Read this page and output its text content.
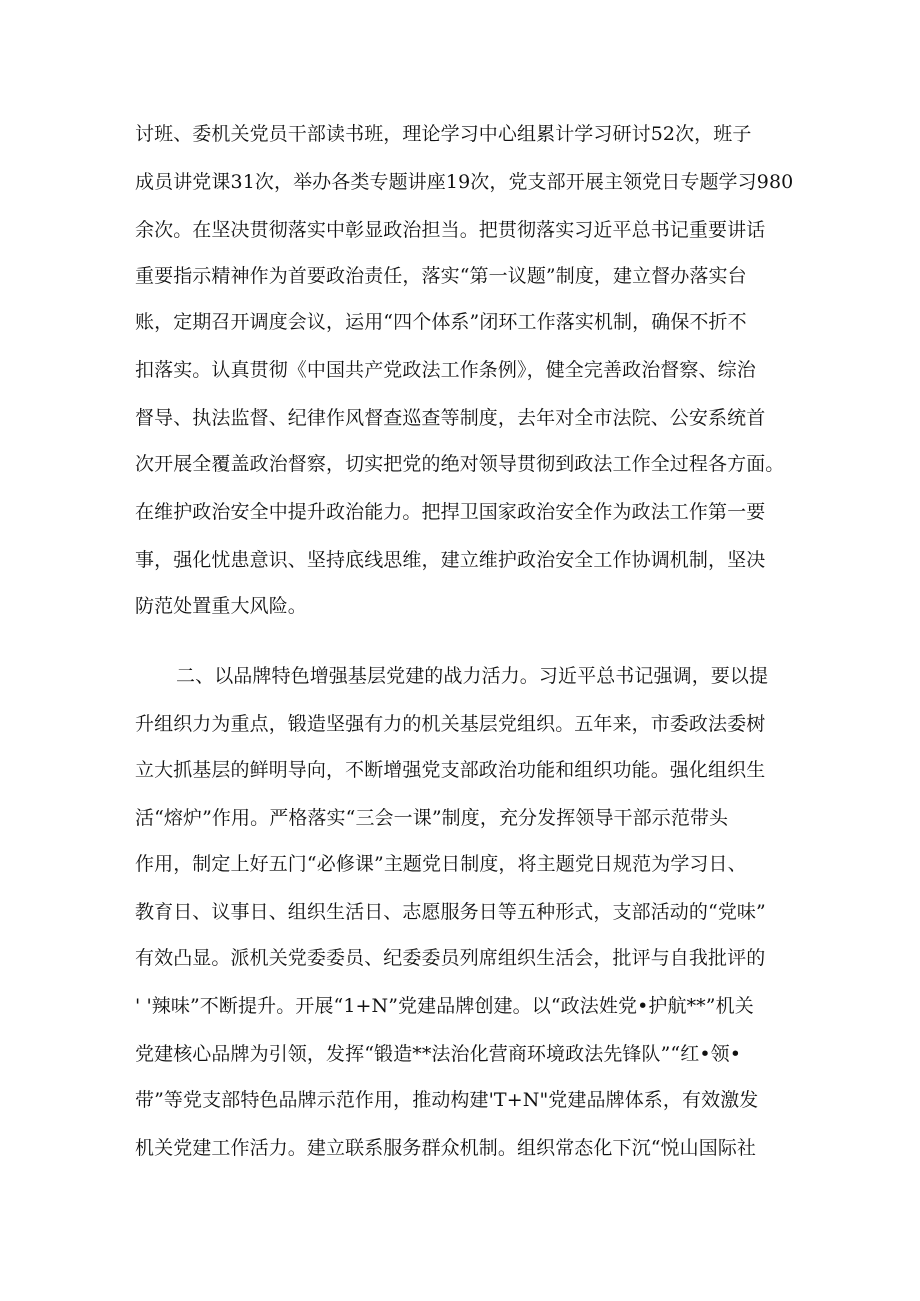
讨班、委机关党员干部读书班，理论学习中心组累计学习研讨52次，班子
成员讲党课31次，举办各类专题讲座19次，党支部开展主领党日专题学习980
余次。在坚决贯彻落实中彰显政治担当。把贯彻落实习近平总书记重要讲话
重要指示精神作为首要政治责任，落实“第一议题”制度，建立督办落实台
账，定期召开调度会议，运用“四个体系”闭环工作落实机制，确保不折不
扣落实。认真贯彻《中国共产党政法工作条例》，健全完善政治督察、综治
督导、执法监督、纪律作风督查巡查等制度，去年对全市法院、公安系统首
次开展全覆盖政治督察，切实把党的绝对领导贯彻到政法工作全过程各方面。
在维护政治安全中提升政治能力。把捍卫国家政治安全作为政法工作第一要
事，强化忧患意识、坚持底线思维，建立维护政治安全工作协调机制，坚决
防范处置重大风险。
二、以品牌特色增强基层党建的战力活力。习近平总书记强调，要以提
升组织力为重点，锻造坚强有力的机关基层党组织。五年来，市委政法委树
立大抓基层的鲜明导向，不断增强党支部政治功能和组织功能。强化组织生
活“熔炉”作用。严格落实“三会一课”制度，充分发挥领导干部示范带头
作用，制定上好五门“必修课”主题党日制度，将主题党日规范为学习日、
教育日、议事日、组织生活日、志愿服务日等五种形式，支部活动的“党味”
有效凸显。派机关党委委员、纪委委员列席组织生活会，批评与自我批评的
' '辣味”不断提升。开展“1+N”党建品牌创建。以“政法姓党•护航**”机关
党建核心品牌为引领，发挥“锻造**法治化营商环境政法先锋队”“红•领•
带”等党支部特色品牌示范作用，推动构建'T+N"党建品牌体系，有效激发
机关党建工作活力。建立联系服务群众机制。组织常态化下沉“悦山国际社
